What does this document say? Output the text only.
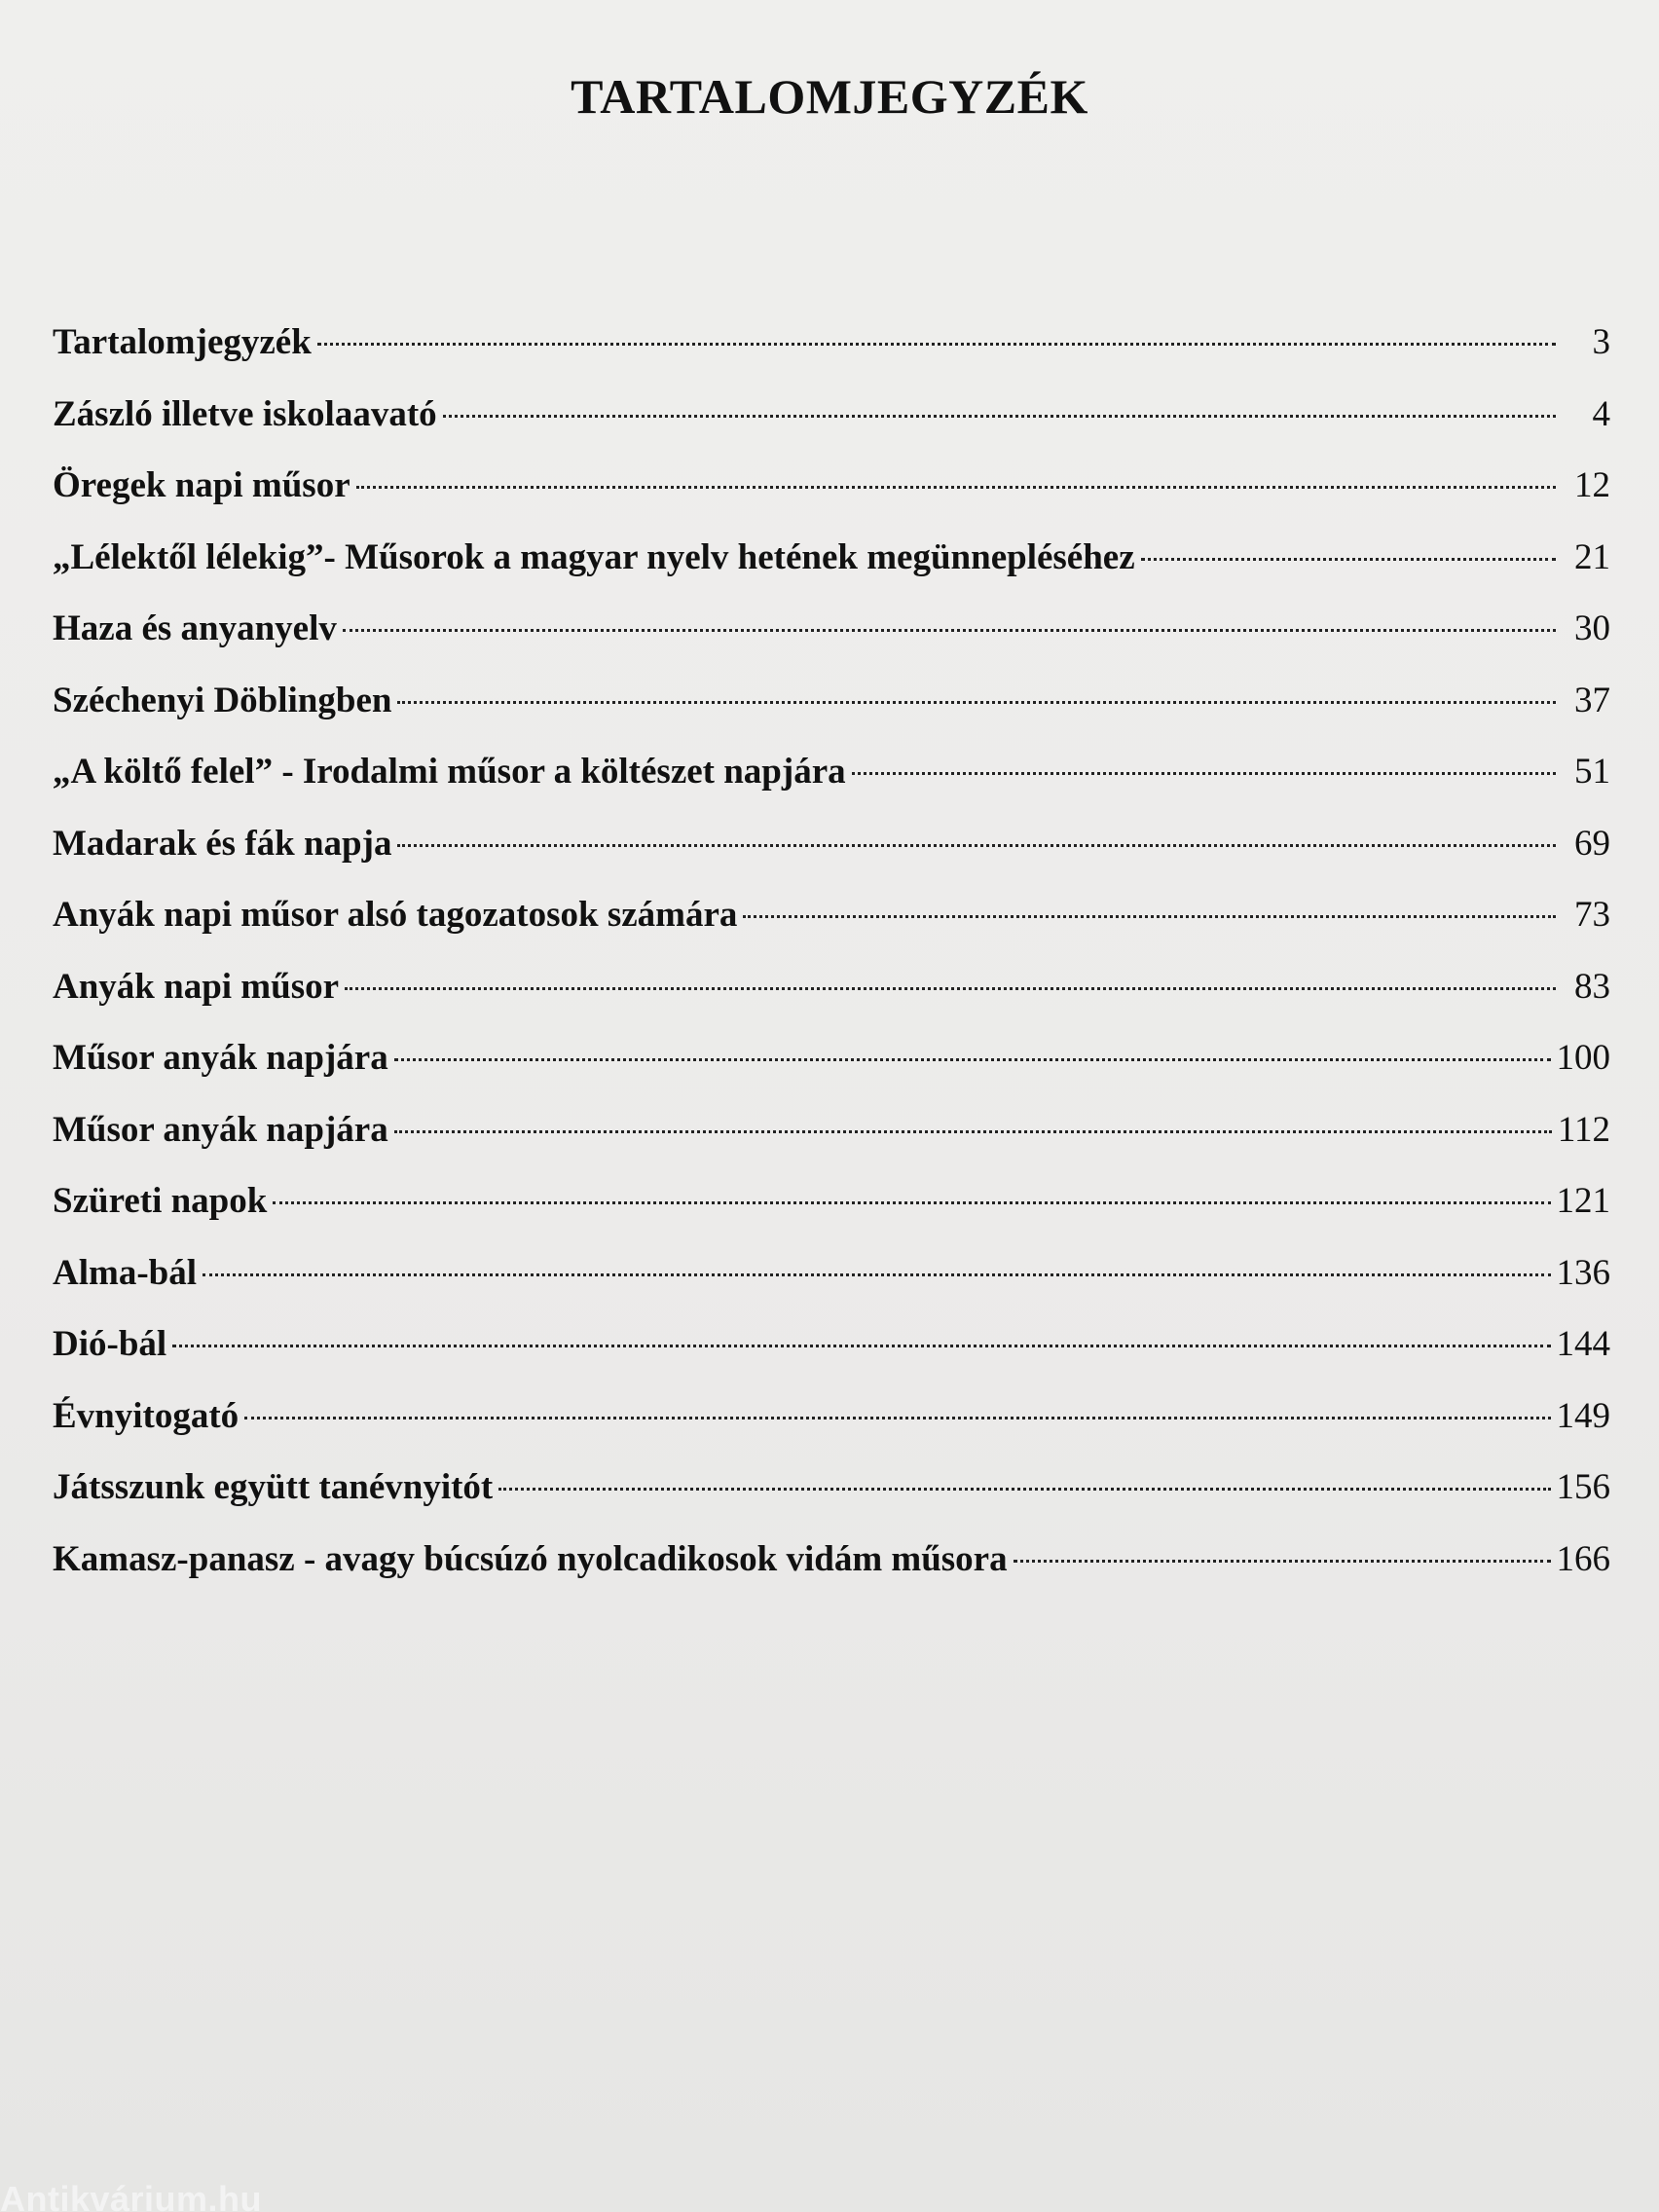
TARTALOMJEGYZÉK
Tartalomjegyzék	3
Zászló illetve iskolaavató	4
Öregek napi műsor	12
„Lélektől lélekig”- Műsorok a magyar nyelv hetének megünnepléséhez	21
Haza és anyanyelv	30
Széchenyi Döblingben	37
„A költő felel” - Irodalmi műsor a költészet napjára	51
Madarak és fák napja	69
Anyák napi műsor alsó tagozatosok számára	73
Anyák napi műsor	83
Műsor anyák napjára	100
Műsor anyák napjára	112
Szüreti napok	121
Alma-bál	136
Dió-bál	144
Évnyitogató	149
Játsszunk együtt tanévnyitót	156
Kamasz-panasz - avagy búcsúzó nyolcadikosok vidám műsora	166
Antikvárium.hu
